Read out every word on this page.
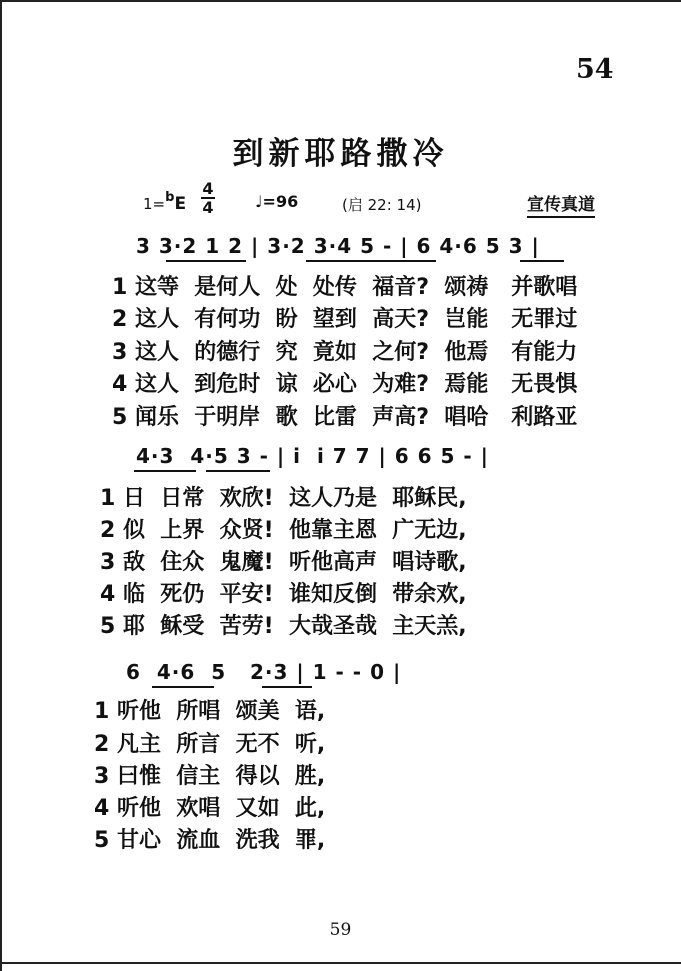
54
到新耶路撒冷
1=bE
4
4	♩=96	(启 22: 14)	宣传真道
3 3·2 1 2 | 3·2 3·4 5 - | 6 4·6 5 3 |
1 这等  是何人  处  处传  福音?  颂祷   并歌唱
2 这人  有何功  盼  望到  高天?  岂能   无罪过
3 这人  的德行  究  竟如  之何?  他焉   有能力
4 这人  到危时  谅  必心  为难?  焉能   无畏惧
5 闻乐  于明岸  歌  比雷  声高?  唱哈   利路亚
4·3  4·5 3 - | i  i 7 7 | 6 6 5 - |
1 日  日常  欢欣!  这人乃是  耶稣民,
2 似  上界  众贤!  他靠主恩  广无边,
3 敌  住众  鬼魔!  听他高声  唱诗歌,
4 临  死仍  平安!  谁知反倒  带余欢,
5 耶  稣受  苦劳!  大哉圣哉  主天羔,
6  4·6  5   2·3 | 1 - - 0 |
1 听他  所唱  颂美  语,
2 凡主  所言  无不  听,
3 曰惟  信主  得以  胜,
4 听他  欢唱  又如  此,
5 甘心  流血  洗我  罪,
59
